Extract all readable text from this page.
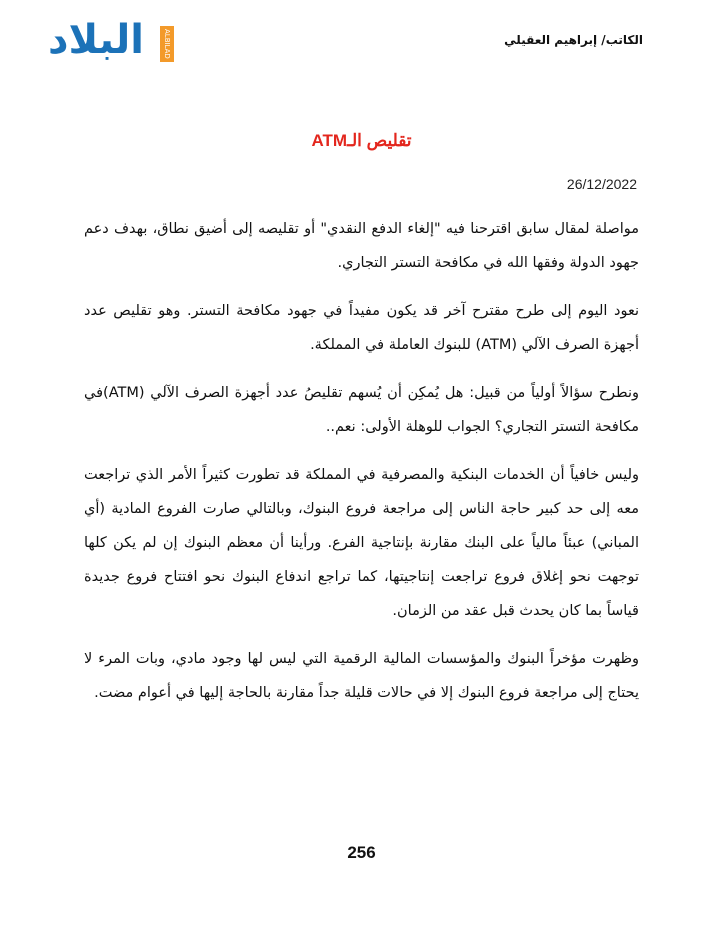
البلاد	ALBILAD TV	الكاتب/ إبراهيم العقيلي
تقليص الـATM
26/12/2022

مواصلة لمقال سابق اقترحنا فيه "إلغاء الدفع النقدي" أو تقليصه إلى أضيق نطاق، بهدف دعم جهود الدولة وفقها الله في مكافحة التستر التجاري.

نعود اليوم إلى طرح مقترح آخر قد يكون مفيداً في جهود مكافحة التستر. وهو تقليص عدد أجهزة الصرف الآلي (ATM) للبنوك العاملة في المملكة.

ونطرح سؤالاً أولياً من قبيل: هل يُمكِن أن يُسهم تقليصُ عدد أجهزة الصرف الآلي (ATM)في مكافحة التستر التجاري؟ الجواب للوهلة الأولى: نعم..

وليس خافياً أن الخدمات البنكية والمصرفية في المملكة قد تطورت كثيراً الأمر الذي تراجعت معه إلى حد كبير حاجة الناس إلى مراجعة فروع البنوك، وبالتالي صارت الفروع المادية (أي المباني) عبئاً مالياً على البنك مقارنة بإنتاجية الفرع. ورأينا أن معظم البنوك إن لم يكن كلها توجهت نحو إغلاق فروع تراجعت إنتاجيتها، كما تراجع اندفاع البنوك نحو افتتاح فروع جديدة قياساً بما كان يحدث قبل عقد من الزمان.

وظهرت مؤخراً البنوك والمؤسسات المالية الرقمية التي ليس لها وجود مادي، وبات المرء لا يحتاج إلى مراجعة فروع البنوك إلا في حالات قليلة جداً مقارنة بالحاجة إليها في أعوام مضت.

256
